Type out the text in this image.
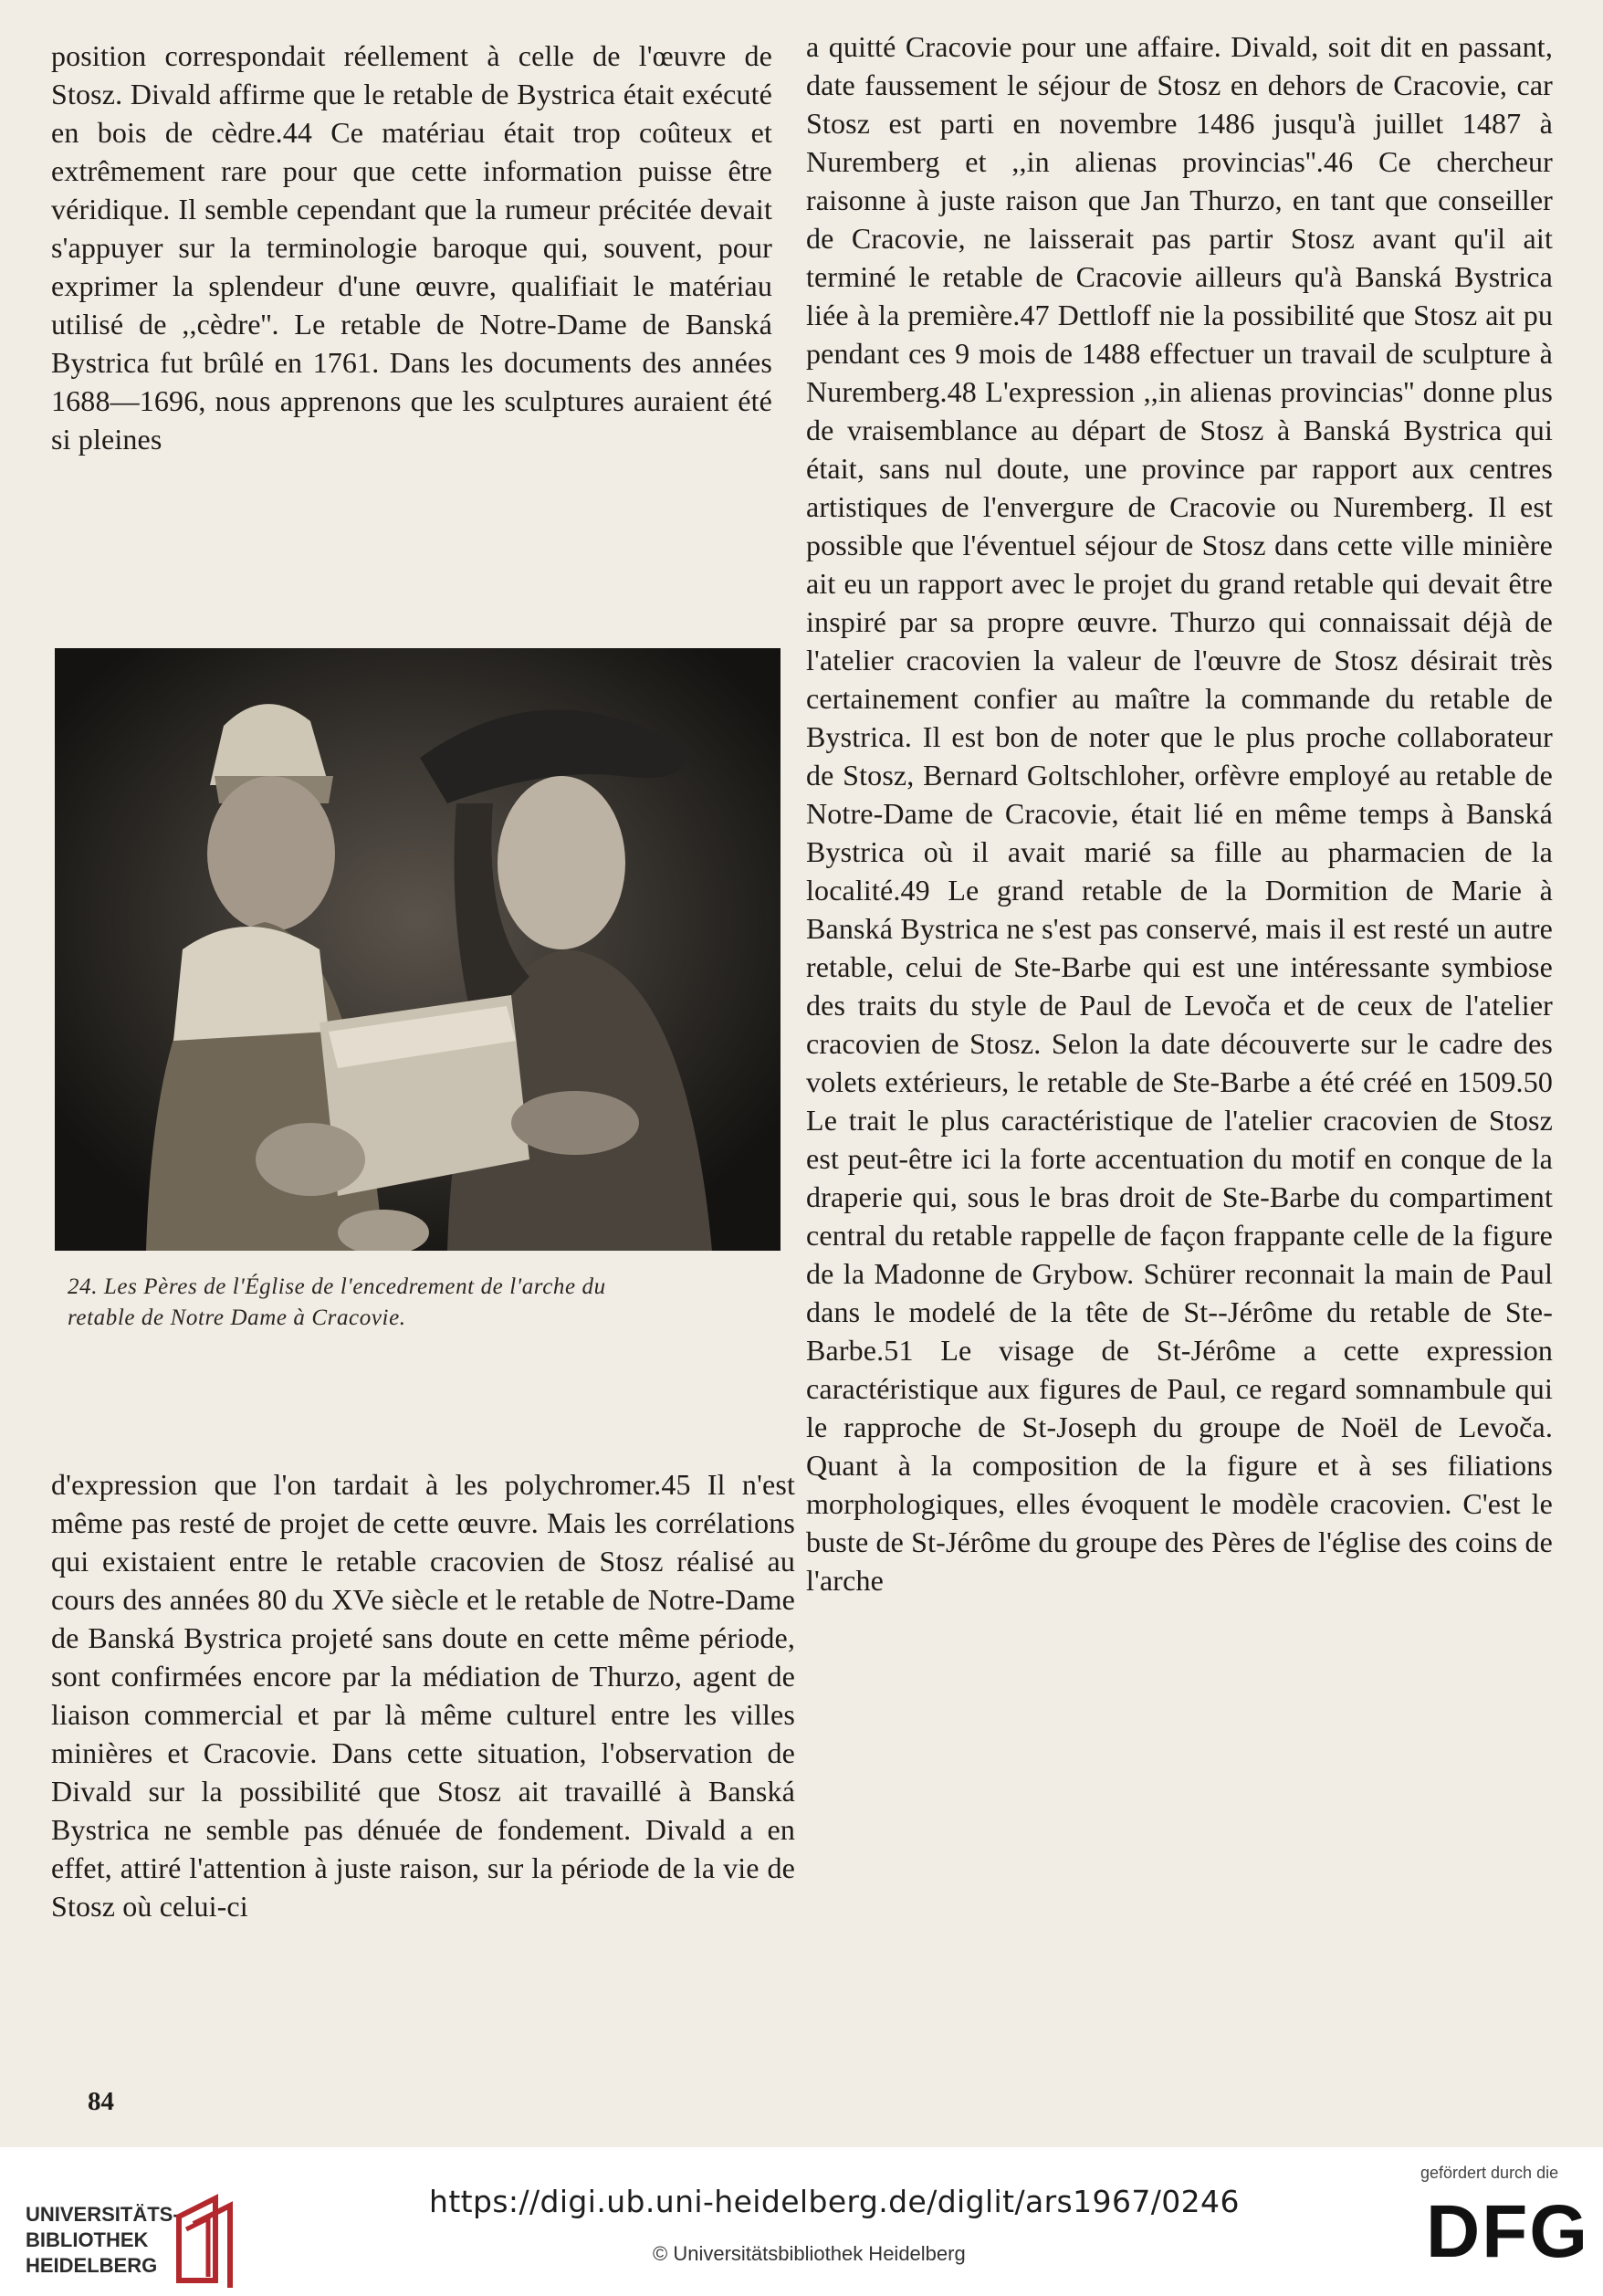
position correspondait réellement à celle de l'œuvre de Stosz. Divald affirme que le retable de Bystrica était exécuté en bois de cèdre.44 Ce matériau était trop coûteux et extrêmement rare pour que cette information puisse être véridique. Il semble cependant que la rumeur précitée devait s'appuyer sur la terminologie baroque qui, souvent, pour exprimer la splendeur d'une œuvre, qualifiait le matériau utilisé de ,,cèdre''. Le retable de Notre-Dame de Banská Bystrica fut brûlé en 1761. Dans les documents des années 1688—1696, nous apprenons que les sculptures auraient été si pleines

24. Les Pères de l'Église de l'encedrement de l'arche du
retable de Notre Dame à Cracovie.

d'expression que l'on tardait à les polychromer.45 Il n'est même pas resté de projet de cette œuvre. Mais les corrélations qui existaient entre le retable cracovien de Stosz réalisé au cours des années 80 du XVe siècle et le retable de Notre-Dame de Banská Bystrica projeté sans doute en cette même période, sont confirmées encore par la médiation de Thurzo, agent de liaison commercial et par là même culturel entre les villes minières et Cracovie. Dans cette situation, l'observation de Divald sur la possibilité que Stosz ait travaillé à Banská Bystrica ne semble pas dénuée de fondement. Divald a en effet, attiré l'attention à juste raison, sur la période de la vie de Stosz où celui-ci

a quitté Cracovie pour une affaire. Divald, soit dit en passant, date faussement le séjour de Stosz en dehors de Cracovie, car Stosz est parti en novembre 1486 jusqu'à juillet 1487 à Nuremberg et ,,in alienas provincias''.46 Ce chercheur raisonne à juste raison que Jan Thurzo, en tant que conseiller de Cracovie, ne laisserait pas partir Stosz avant qu'il ait terminé le retable de Cracovie ailleurs qu'à Banská Bystrica liée à la première.47 Dettloff nie la possibilité que Stosz ait pu pendant ces 9 mois de 1488 effectuer un travail de sculpture à Nuremberg.48 L'expression ,,in alienas provincias'' donne plus de vraisemblance au départ de Stosz à Banská Bystrica qui était, sans nul doute, une province par rapport aux centres artistiques de l'envergure de Cracovie ou Nuremberg. Il est possible que l'éventuel séjour de Stosz dans cette ville minière ait eu un rapport avec le projet du grand retable qui devait être inspiré par sa propre œuvre. Thurzo qui connaissait déjà de l'atelier cracovien la valeur de l'œuvre de Stosz désirait très certainement confier au maître la commande du retable de Bystrica. Il est bon de noter que le plus proche collaborateur de Stosz, Bernard Goltschloher, orfèvre employé au retable de Notre-Dame de Cracovie, était lié en même temps à Banská Bystrica où il avait marié sa fille au pharmacien de la localité.49 Le grand retable de la Dormition de Marie à Banská Bystrica ne s'est pas conservé, mais il est resté un autre retable, celui de Ste-Barbe qui est une intéressante symbiose des traits du style de Paul de Levoča et de ceux de l'atelier cracovien de Stosz. Selon la date découverte sur le cadre des volets extérieurs, le retable de Ste-Barbe a été créé en 1509.50 Le trait le plus caractéristique de l'atelier cracovien de Stosz est peut-être ici la forte accentuation du motif en conque de la draperie qui, sous le bras droit de Ste-Barbe du compartiment central du retable rappelle de façon frappante celle de la figure de la Madonne de Grybow. Schürer reconnait la main de Paul dans le modelé de la tête de St--Jérôme du retable de Ste-Barbe.51 Le visage de St-Jérôme a cette expression caractéristique aux figures de Paul, ce regard somnambule qui le rapproche de St-Joseph du groupe de Noël de Levoča. Quant à la composition de la figure et à ses filiations morphologiques, elles évoquent le modèle cracovien. C'est le buste de St-Jérôme du groupe des Pères de l'église des coins de l'arche

84
UNIVERSITÄTS-
BIBLIOTHEK
HEIDELBERG
https://digi.ub.uni-heidelberg.de/diglit/ars1967/0246
© Universitätsbibliothek Heidelberg
gefördert durch die
DFG
